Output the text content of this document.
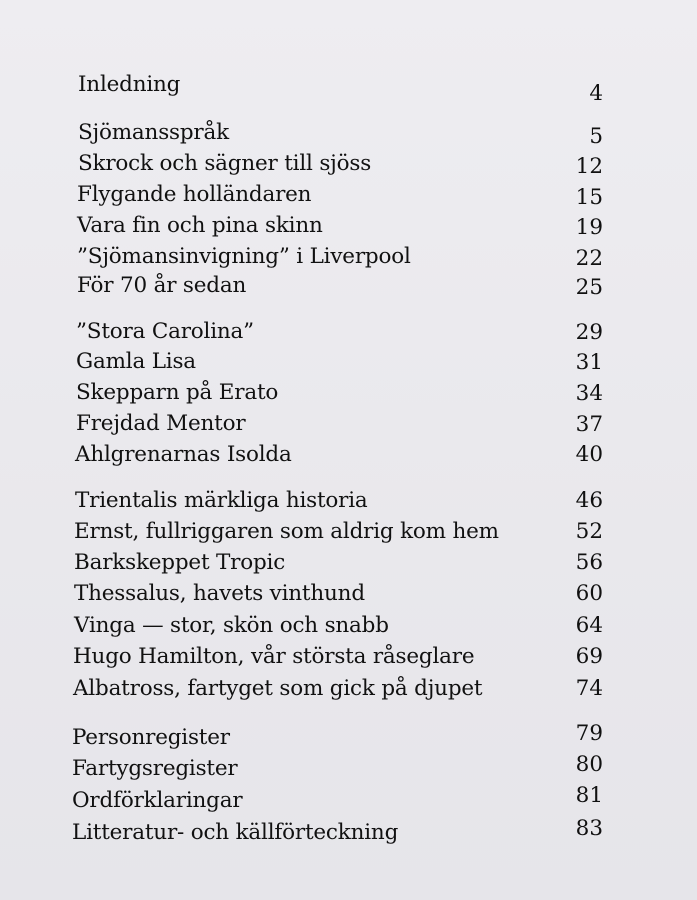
Inledning	4
Sjömansspråk	5
Skrock och sägner till sjöss	12
Flygande holländaren	15
Vara fin och pina skinn	19
”Sjömansinvigning” i Liverpool	22
För 70 år sedan	25
”Stora Carolina”	29
Gamla Lisa	31
Skepparn på Erato	34
Frejdad Mentor	37
Ahlgrenarnas Isolda	40
Trientalis märkliga historia	46
Ernst, fullriggaren som aldrig kom hem	52
Barkskeppet Tropic	56
Thessalus, havets vinthund	60
Vinga — stor, skön och snabb	64
Hugo Hamilton, vår största råseglare	69
Albatross, fartyget som gick på djupet	74
Personregister	79
Fartygsregister	80
Ordförklaringar	81
Litteratur- och källförteckning	83
